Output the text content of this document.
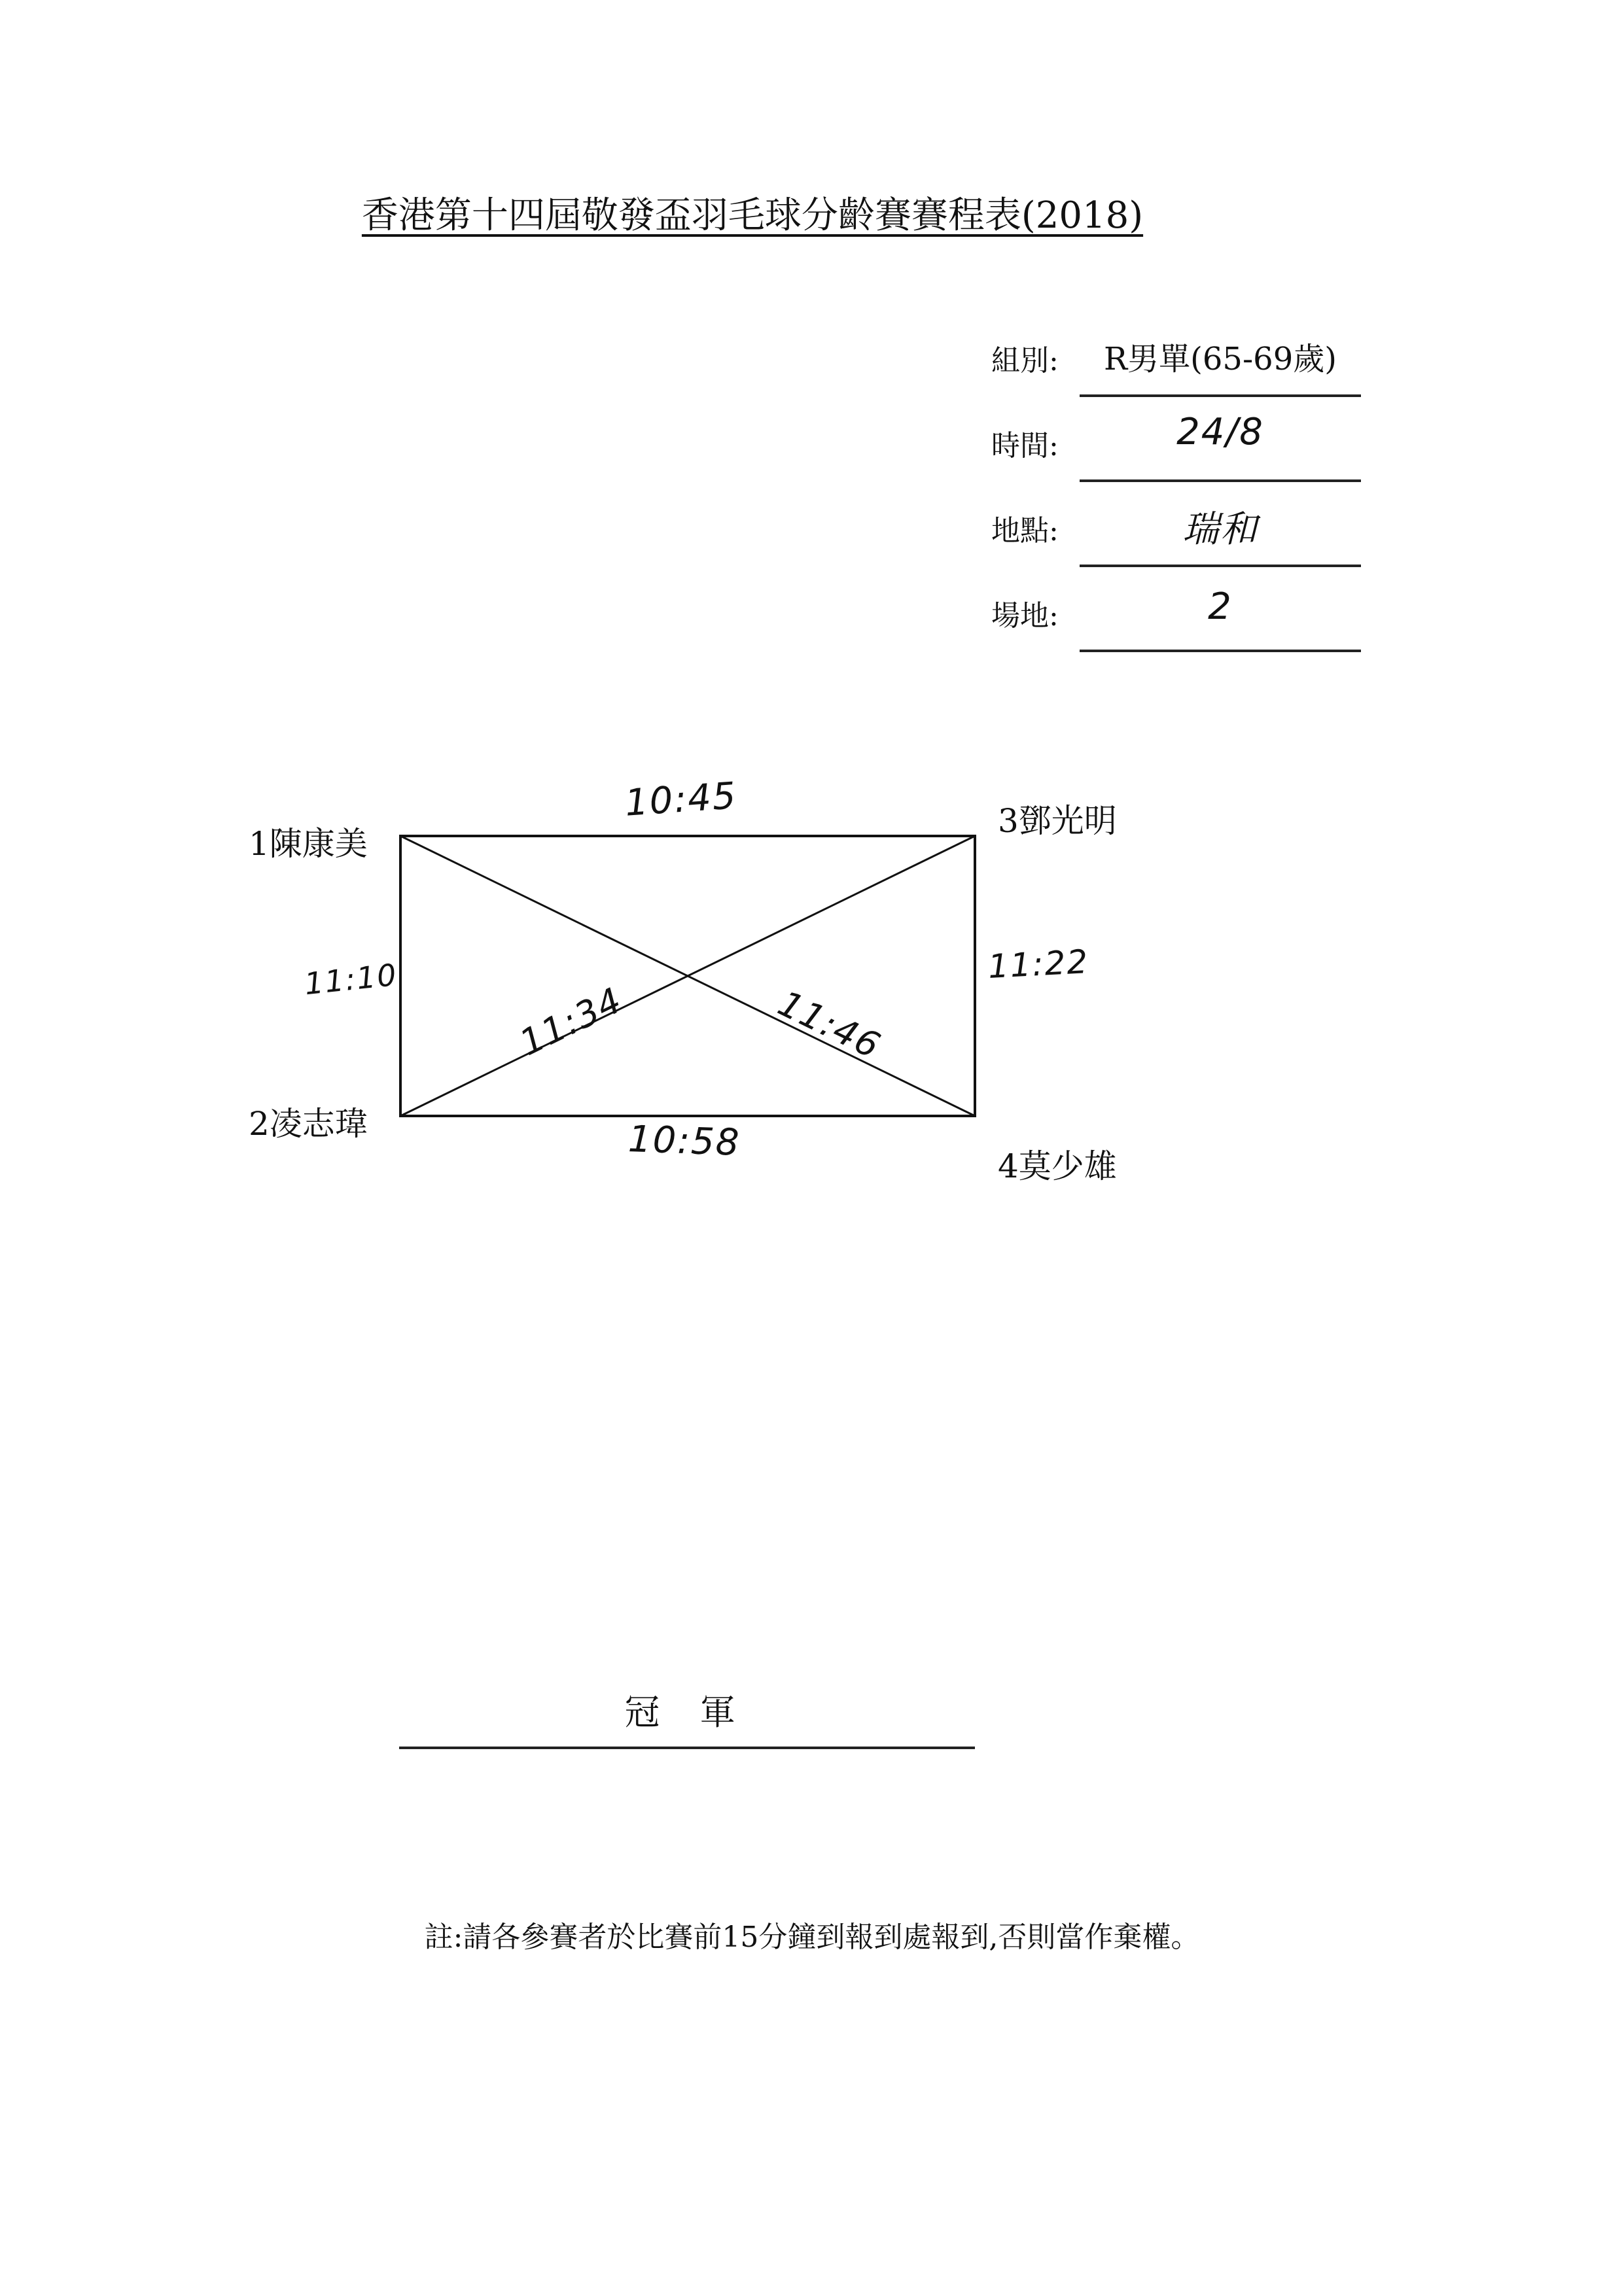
香港第十四屆敬發盃羽毛球分齡賽賽程表(2018)
組別:	R男單(65-69歲)
時間:	24/8
地點:	瑞和
場地:	2
1陳康美
2凌志瑋
3鄧光明
4莫少雄
10:45
11:10	11:22
10:58
11:34	11:46
冠 軍
註:請各參賽者於比賽前15分鐘到報到處報到,否則當作棄權。
